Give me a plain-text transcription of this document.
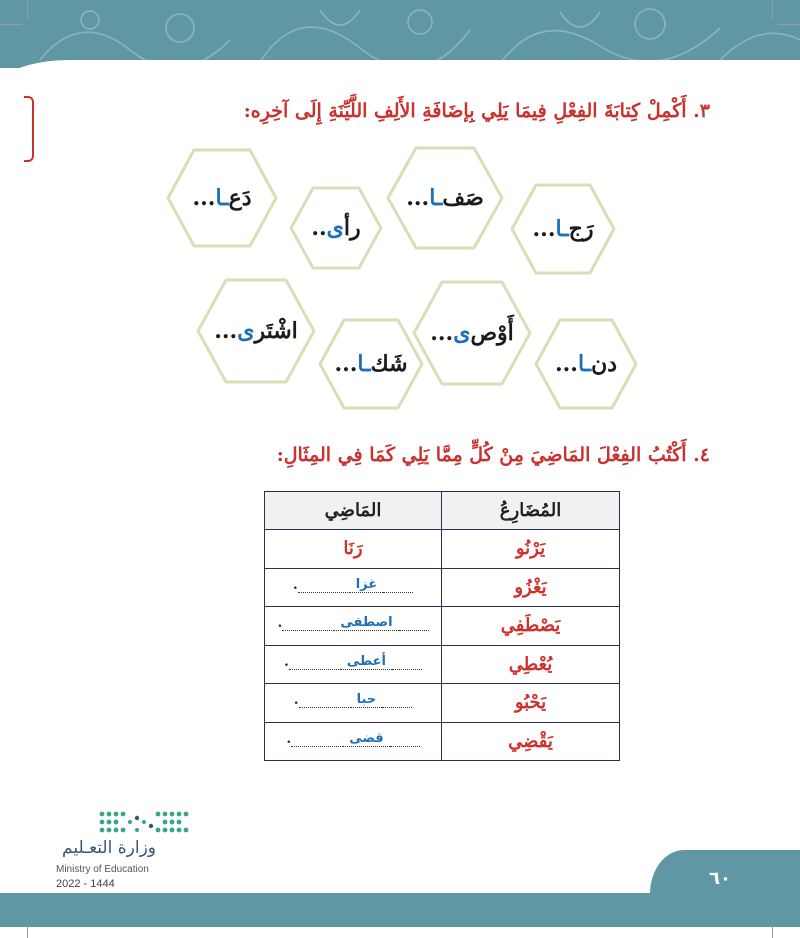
٣. أَكْمِلْ كِتابَةَ الفِعْلِ فِيمَا يَلِي بِإضَافَةِ الأَلِفِ اللَّيِّنَةِ إِلَى آخِرِه:
دَع
ـا
...
رأ
ى
..
صَف
ـا
...
رَج
ـا
...
اشْتَر
ى
...
شَك
ـا
...
أَوْص
ى
...
دن
ـا
...
٤. أَكْتُبُ الفِعْلَ المَاضِيَ مِنْ كُلٍّ مِمَّا يَلِي كَمَا فِي المِثَالِ:
المُضَارِعُ	المَاضِي
يَرْنُو	رَنَا
يَغْزُو	غزا
.

يَصْطَفِي	اصطفى
.

يُعْطِي	أعطى
.

يَحْبُو	حبا
.

يَقْضِي	قضى
.
٦٠
وزارة التعـليم
Ministry of Education
2022 - 1444
